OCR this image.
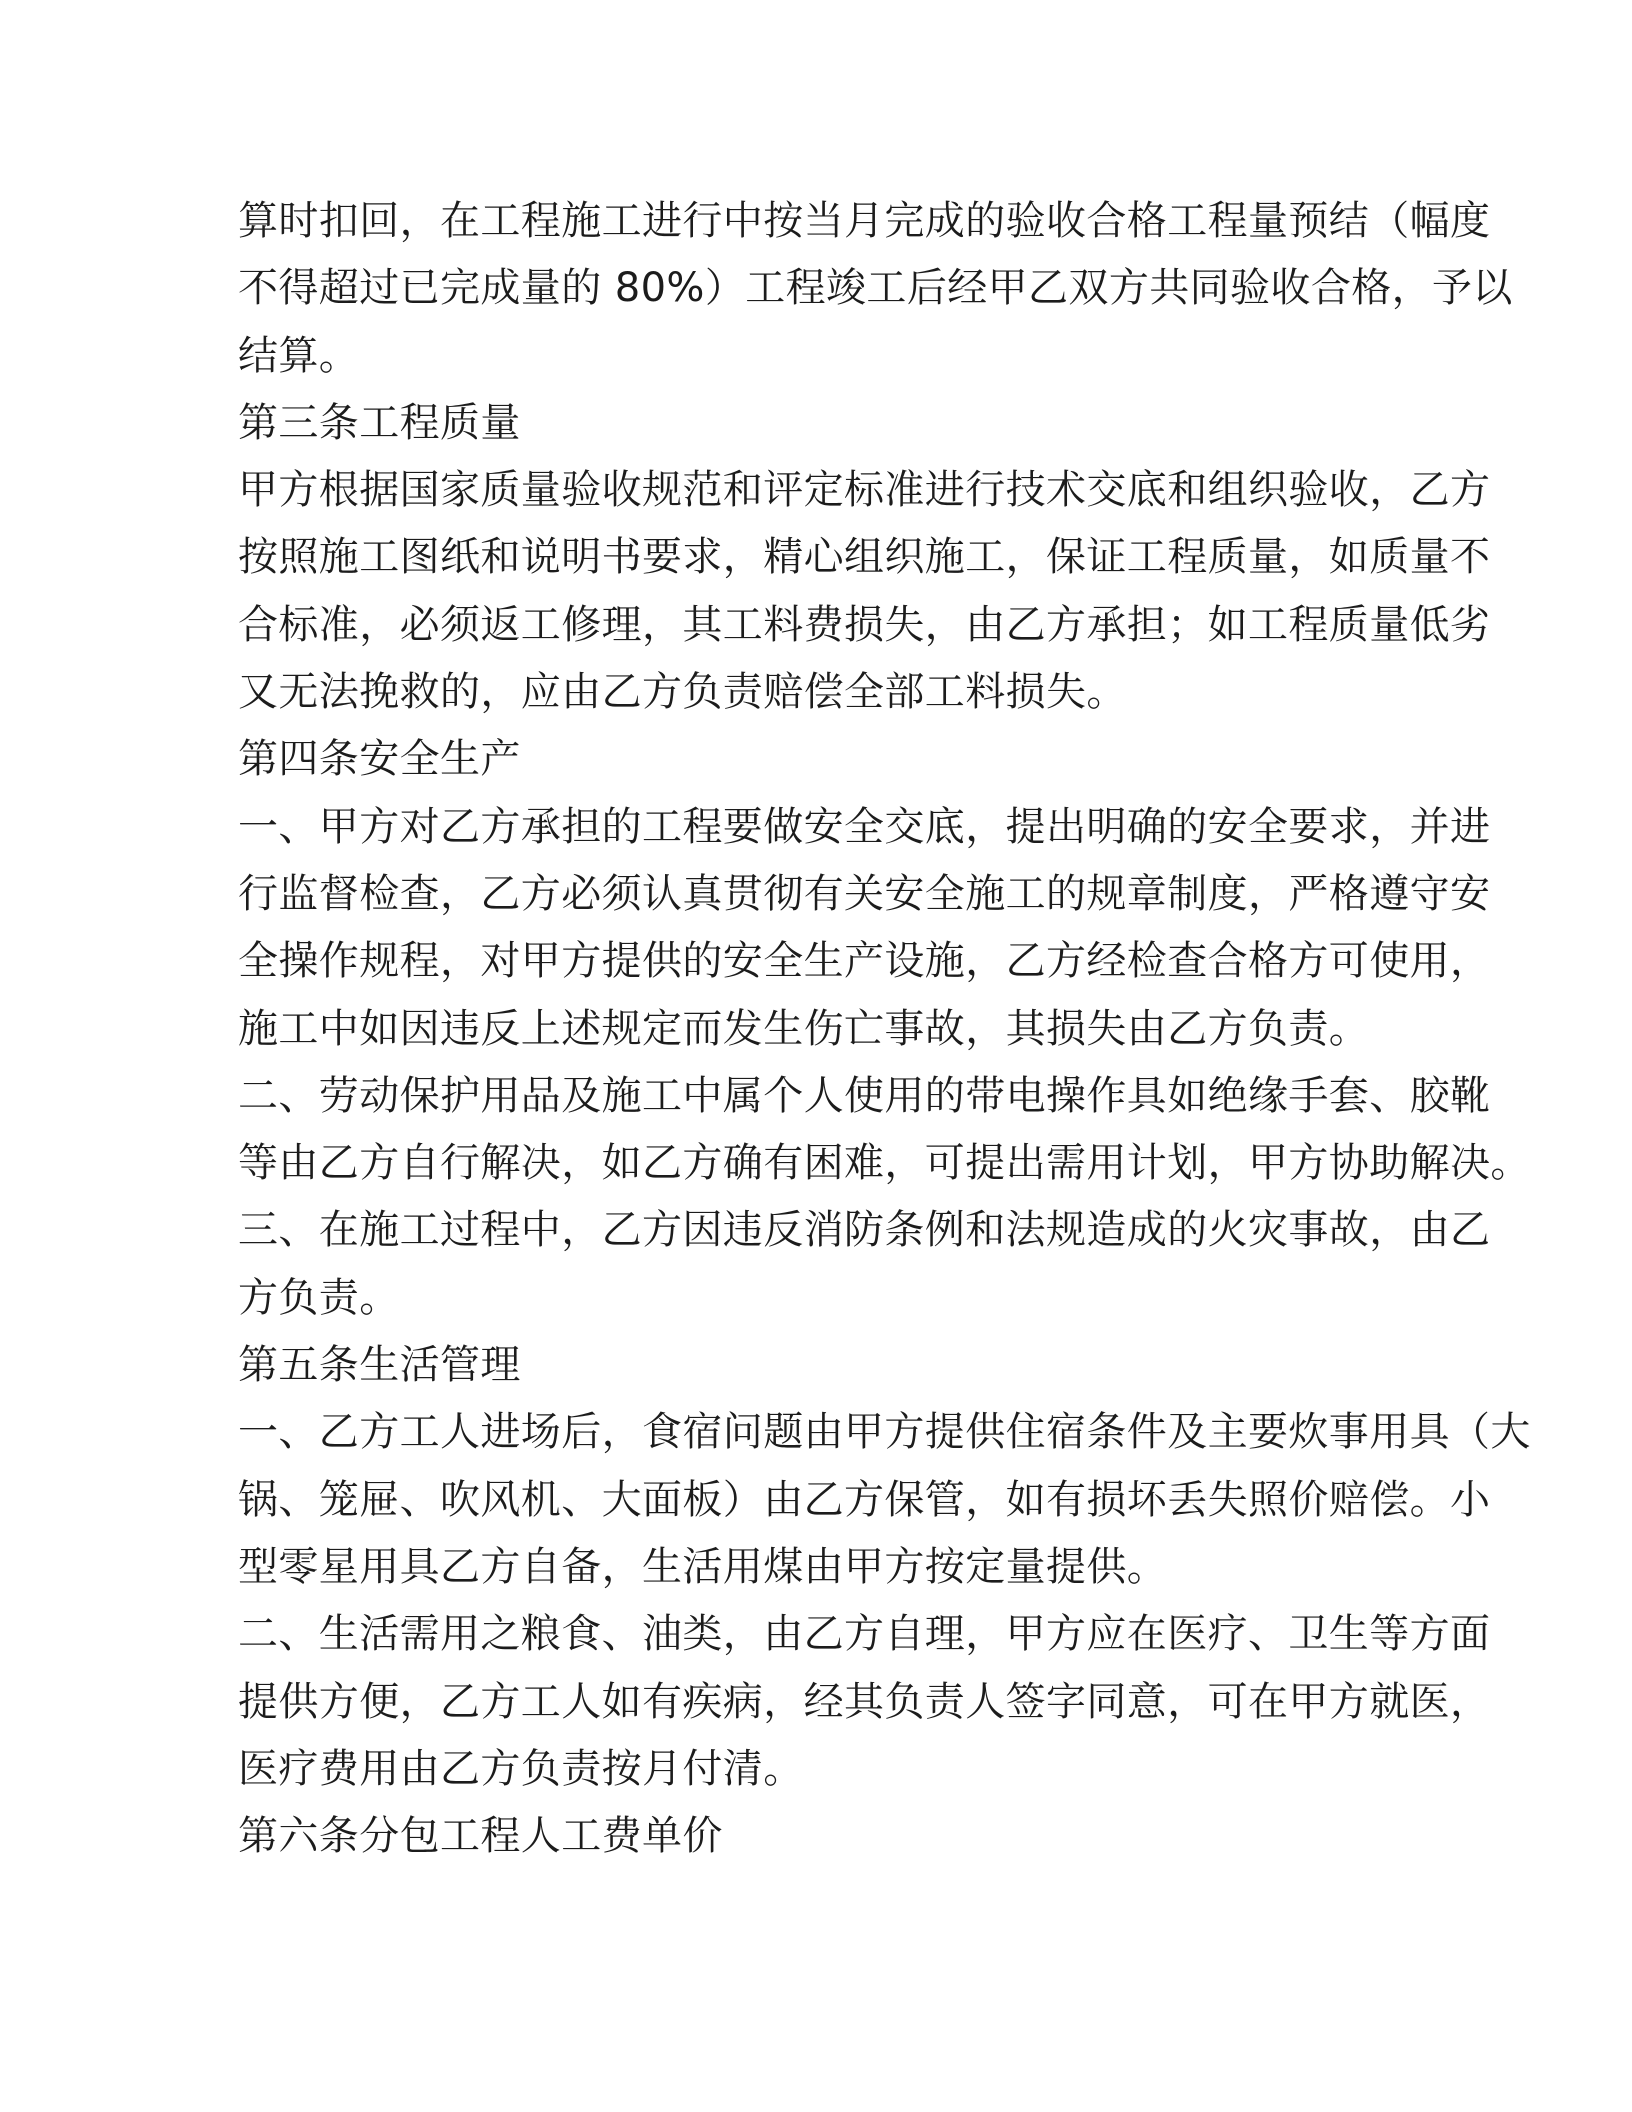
算时扣回，在工程施工进行中按当月完成的验收合格工程量预结（幅度
不得超过已完成量的 80%）工程竣工后经甲乙双方共同验收合格，予以
结算。
第三条工程质量
甲方根据国家质量验收规范和评定标准进行技术交底和组织验收，乙方
按照施工图纸和说明书要求，精心组织施工，保证工程质量，如质量不
合标准，必须返工修理，其工料费损失，由乙方承担；如工程质量低劣
又无法挽救的，应由乙方负责赔偿全部工料损失。
第四条安全生产
一、甲方对乙方承担的工程要做安全交底，提出明确的安全要求，并进
行监督检查，乙方必须认真贯彻有关安全施工的规章制度，严格遵守安
全操作规程，对甲方提供的安全生产设施，乙方经检查合格方可使用，
施工中如因违反上述规定而发生伤亡事故，其损失由乙方负责。
二、劳动保护用品及施工中属个人使用的带电操作具如绝缘手套、胶靴
等由乙方自行解决，如乙方确有困难，可提出需用计划，甲方协助解决。
三、在施工过程中，乙方因违反消防条例和法规造成的火灾事故，由乙
方负责。
第五条生活管理
一、乙方工人进场后，食宿问题由甲方提供住宿条件及主要炊事用具（大
锅、笼屉、吹风机、大面板）由乙方保管，如有损坏丢失照价赔偿。小
型零星用具乙方自备，生活用煤由甲方按定量提供。
二、生活需用之粮食、油类，由乙方自理，甲方应在医疗、卫生等方面
提供方便，乙方工人如有疾病，经其负责人签字同意，可在甲方就医，
医疗费用由乙方负责按月付清。
第六条分包工程人工费单价
